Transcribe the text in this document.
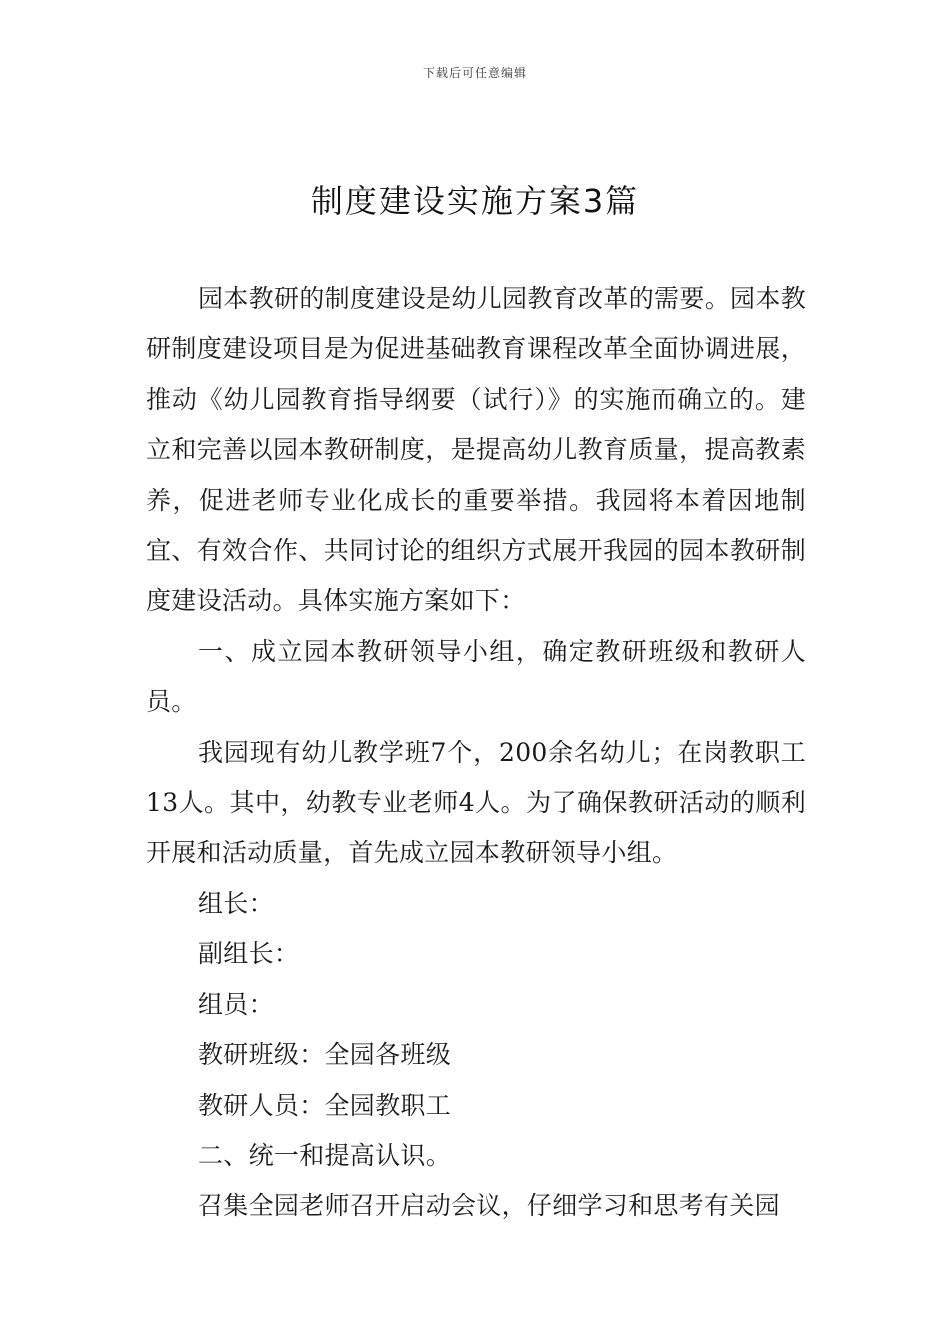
下载后可任意编辑
制度建设实施方案3篇

园本教研的制度建设是幼儿园教育改革的需要。园本教研制度建设项目是为促进基础教育课程改革全面协调进展，推动《幼儿园教育指导纲要（试行）》的实施而确立的。建立和完善以园本教研制度，是提高幼儿教育质量，提高教素养，促进老师专业化成长的重要举措。我园将本着因地制宜、有效合作、共同讨论的组织方式展开我园的园本教研制度建设活动。具体实施方案如下：

一、成立园本教研领导小组，确定教研班级和教研人员。

我园现有幼儿教学班7个，200余名幼儿；在岗教职工13人。其中，幼教专业老师4人。为了确保教研活动的顺利开展和活动质量，首先成立园本教研领导小组。

组长：

副组长：

组员：

教研班级：全园各班级

教研人员：全园教职工

二、统一和提高认识。

召集全园老师召开启动会议，仔细学习和思考有关园
